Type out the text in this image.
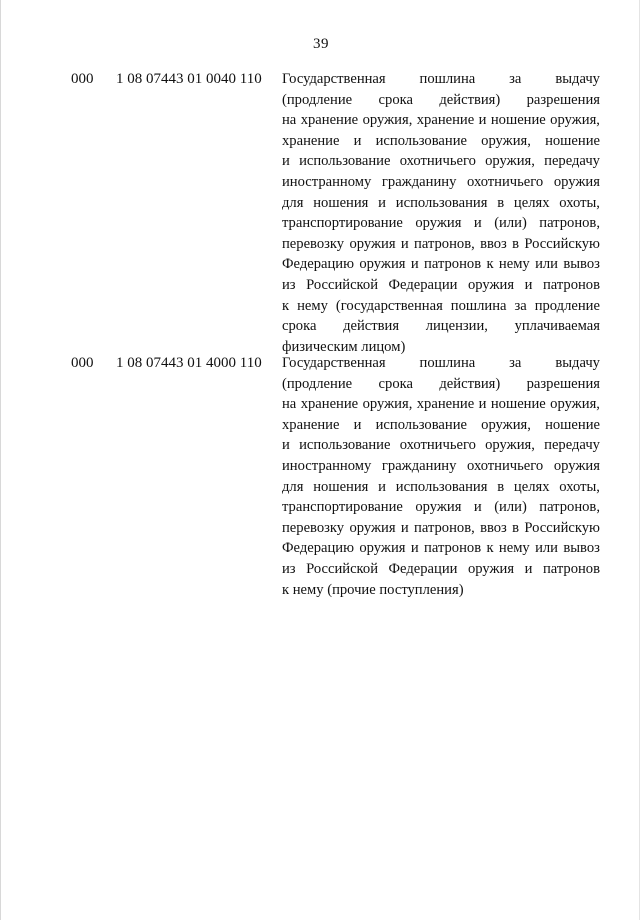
39
000 1 08 07443 01 0040 110 Государственная пошлина за выдачу
(продление срока действия) разрешения
на хранение оружия, хранение и ношение оружия,
хранение и использование оружия, ношение
и использование охотничьего оружия, передачу
иностранному гражданину охотничьего оружия
для ношения и использования в целях охоты,
транспортирование оружия и (или) патронов,
перевозку оружия и патронов, ввоз в Российскую
Федерацию оружия и патронов к нему или вывоз
из Российской Федерации оружия и патронов
к нему (государственная пошлина за продление
срока действия лицензии, уплачиваемая
физическим лицом)
000 1 08 07443 01 4000 110 Государственная пошлина за выдачу
(продление срока действия) разрешения
на хранение оружия, хранение и ношение оружия,
хранение и использование оружия, ношение
и использование охотничьего оружия, передачу
иностранному гражданину охотничьего оружия
для ношения и использования в целях охоты,
транспортирование оружия и (или) патронов,
перевозку оружия и патронов, ввоз в Российскую
Федерацию оружия и патронов к нему или вывоз
из Российской Федерации оружия и патронов
к нему (прочие поступления)
